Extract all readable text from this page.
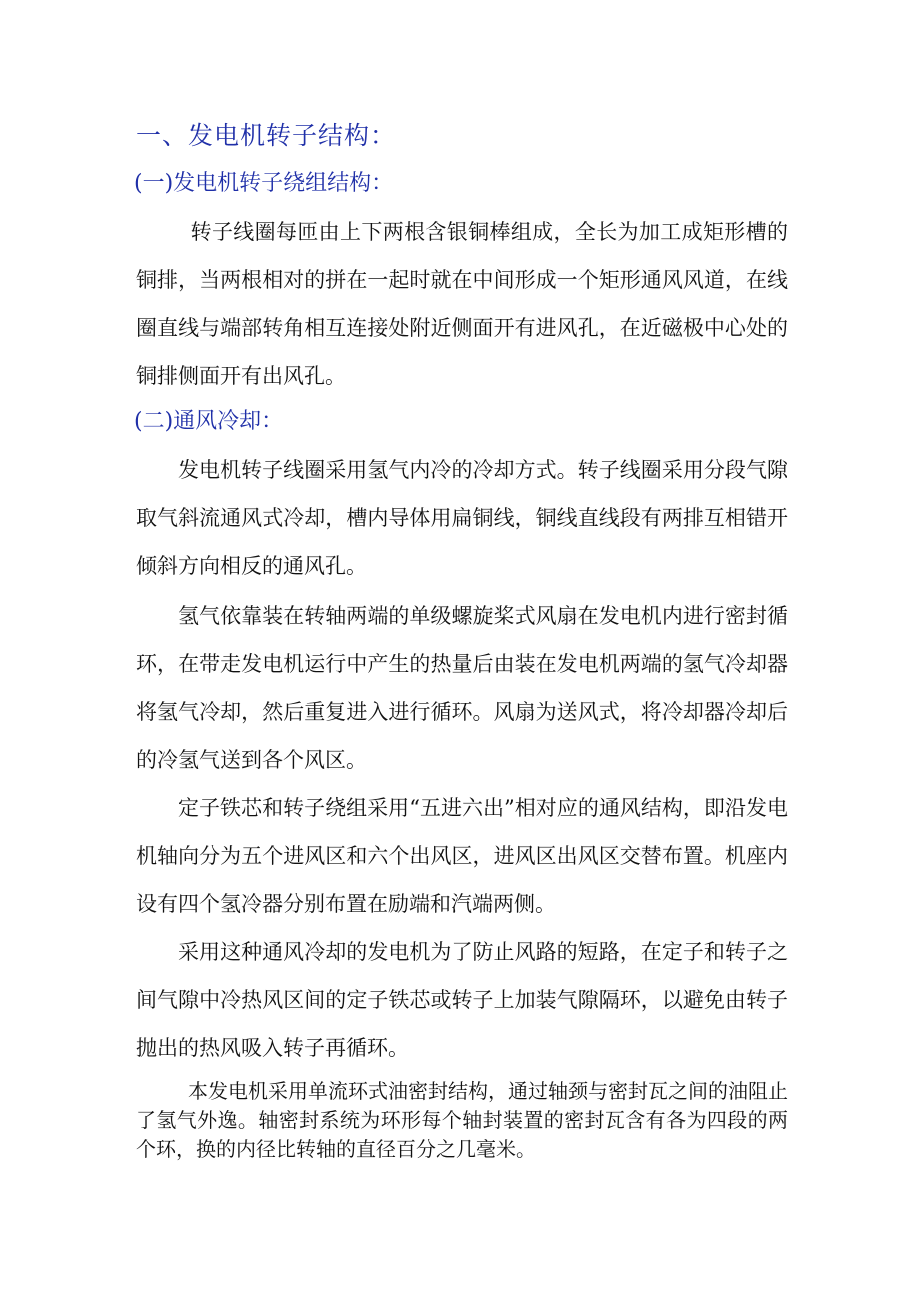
一、发电机转子结构：
(一)发电机转子绕组结构：

转子线圈每匝由上下两根含银铜棒组成，全长为加工成矩形槽的铜排，当两根相对的拼在一起时就在中间形成一个矩形通风风道，在线圈直线与端部转角相互连接处附近侧面开有进风孔，在近磁极中心处的铜排侧面开有出风孔。

(二)通风冷却：

发电机转子线圈采用氢气内冷的冷却方式。转子线圈采用分段气隙取气斜流通风式冷却，槽内导体用扁铜线，铜线直线段有两排互相错开倾斜方向相反的通风孔。

氢气依靠装在转轴两端的单级螺旋桨式风扇在发电机内进行密封循环，在带走发电机运行中产生的热量后由装在发电机两端的氢气冷却器将氢气冷却，然后重复进入进行循环。风扇为送风式，将冷却器冷却后的冷氢气送到各个风区。

定子铁芯和转子绕组采用“五进六出”相对应的通风结构，即沿发电机轴向分为五个进风区和六个出风区，进风区出风区交替布置。机座内设有四个氢冷器分别布置在励端和汽端两侧。

采用这种通风冷却的发电机为了防止风路的短路，在定子和转子之间气隙中冷热风区间的定子铁芯或转子上加装气隙隔环，以避免由转子抛出的热风吸入转子再循环。

本发电机采用单流环式油密封结构，通过轴颈与密封瓦之间的油阻止了氢气外逸。轴密封系统为环形每个轴封装置的密封瓦含有各为四段的两个环，换的内径比转轴的直径百分之几毫米。
